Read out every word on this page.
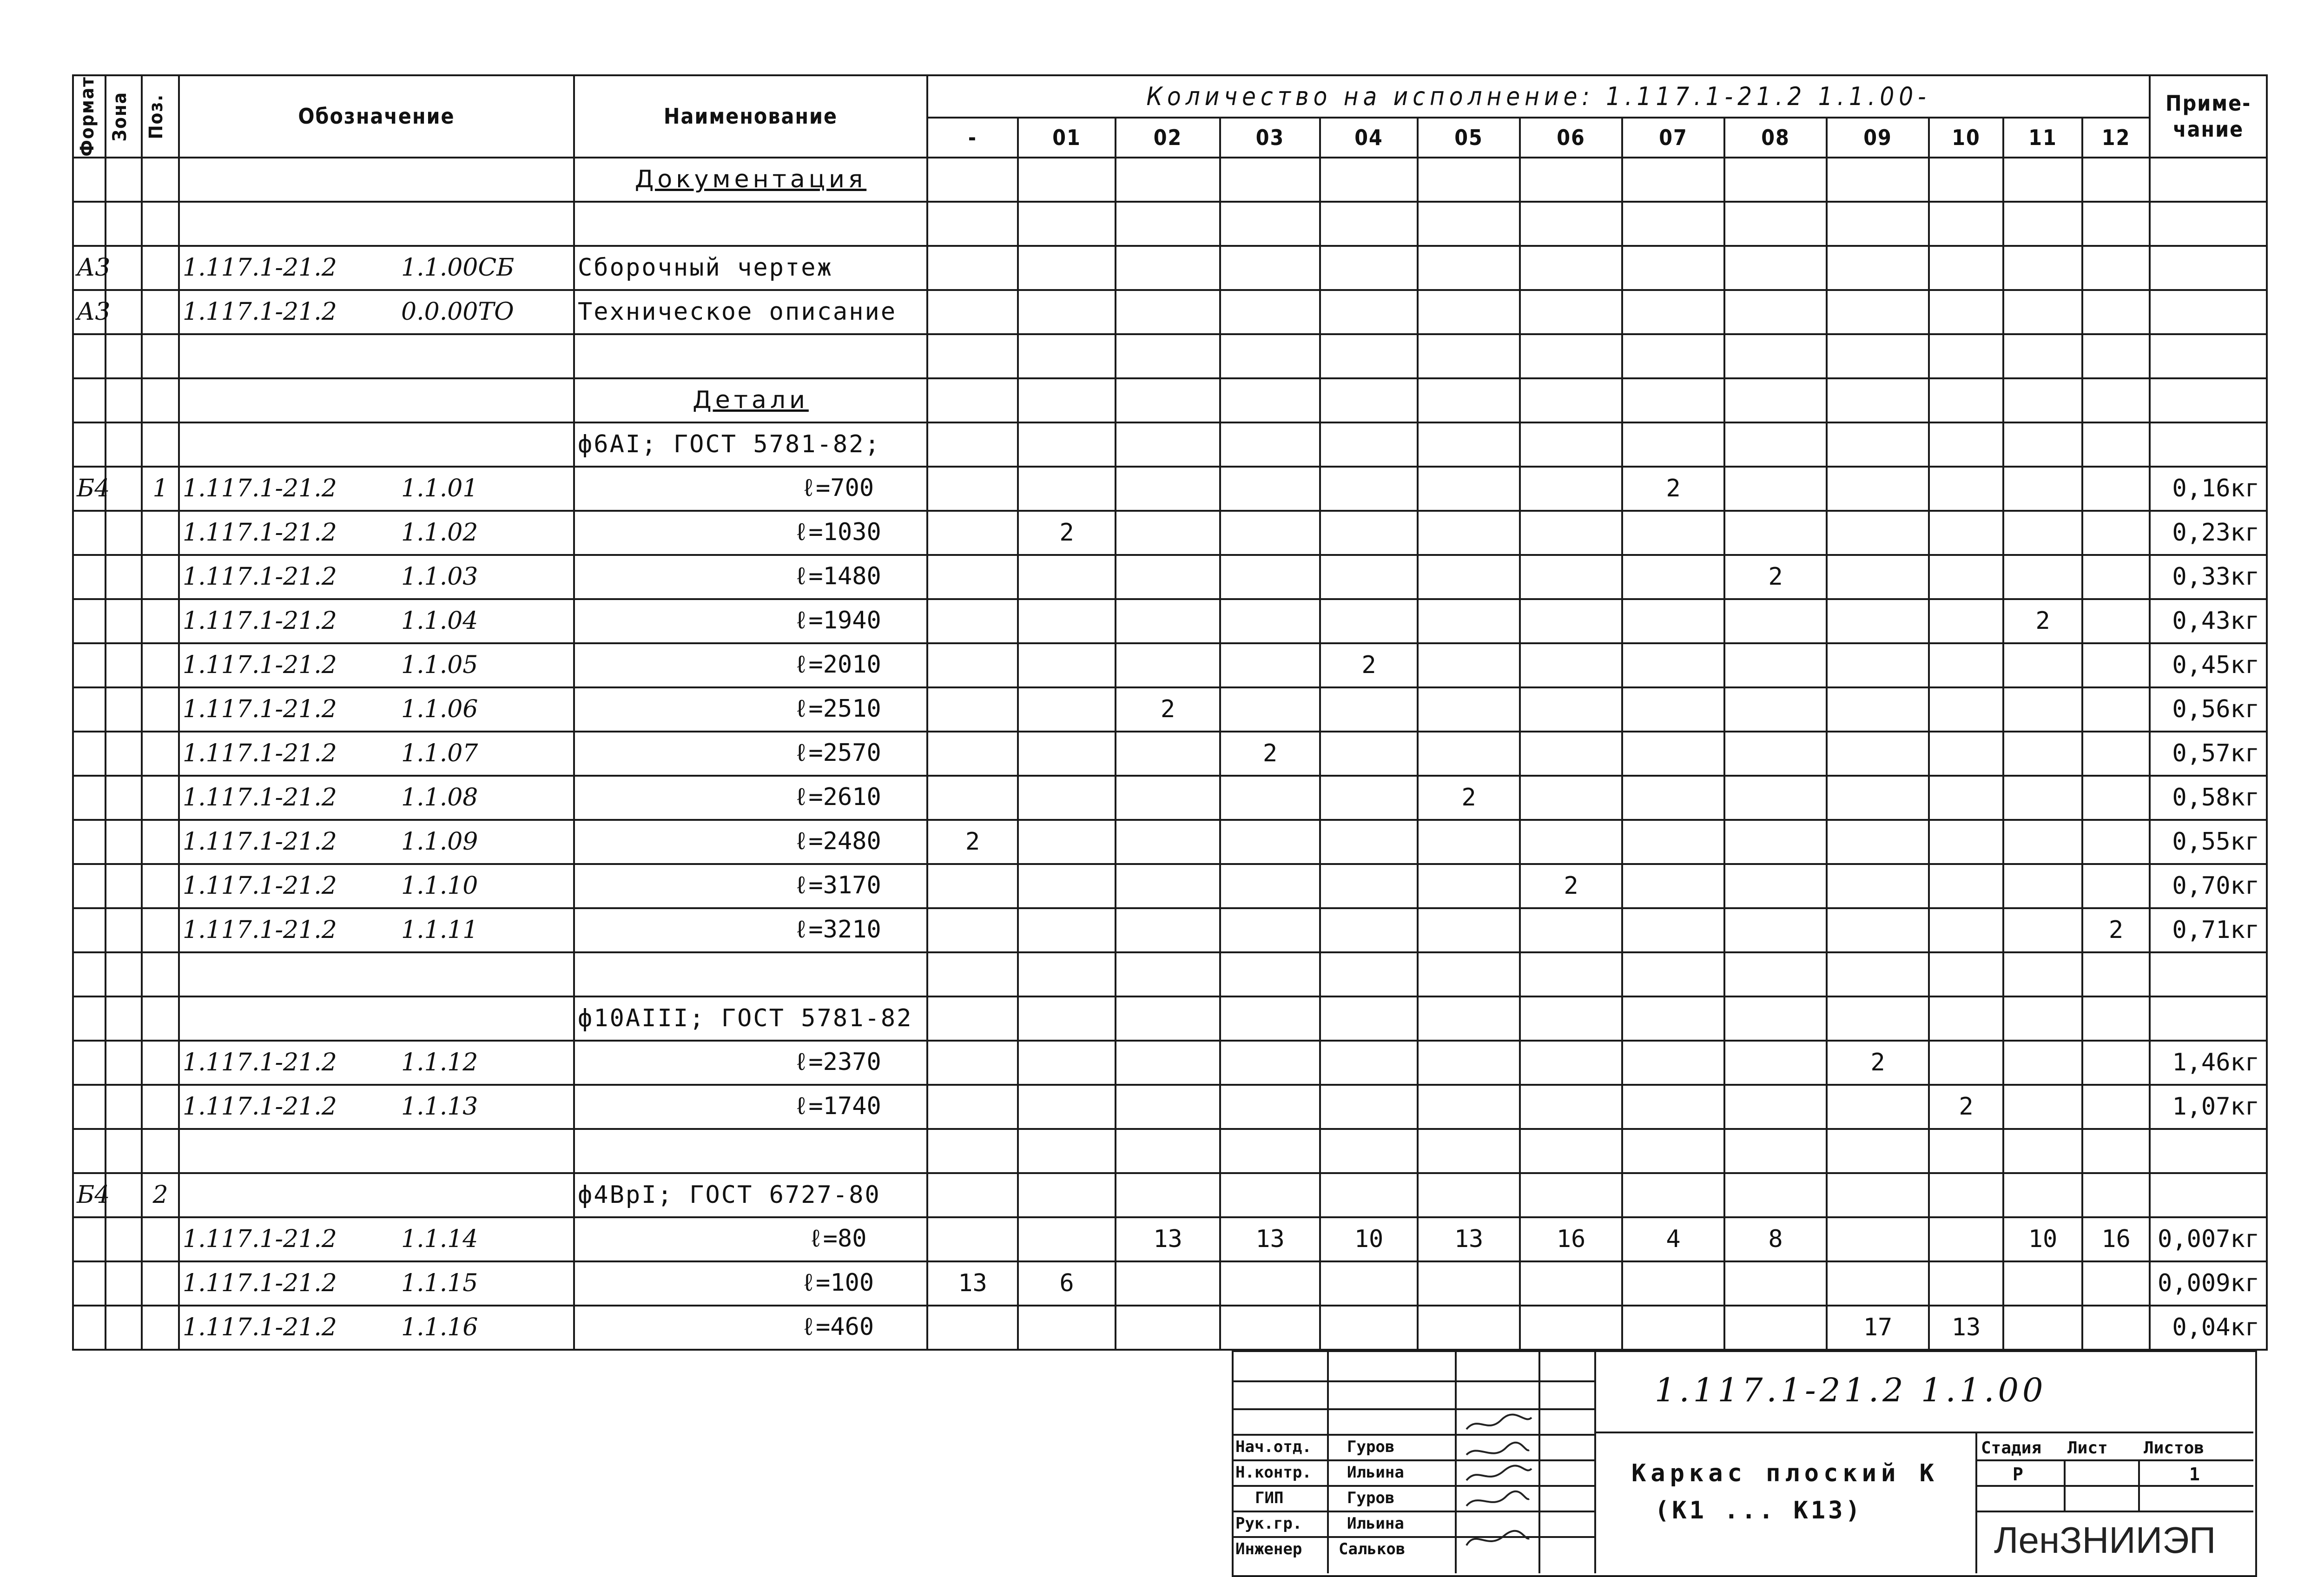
Формат	Зона	Поз.	Обозначение	Наименование	Количество на исполнение: 1.117.1-21.2 1.1.00-													Приме- чание
					-	01	02	03	04	05	06	07	08	09	10	11	12	
				Документация														

А3			1.117.1-21.2 1.1.00СБ	Сборочный чертеж														
А3			1.117.1-21.2 0.0.00ТО	Техническое описание														

				Детали														
				ф6АI; ГОСТ 5781-82;														
Б4		1	1.117.1-21.2 1.1.01	ℓ=700								2						0,16кг
			1.117.1-21.2 1.1.02	ℓ=1030		2												0,23кг
			1.117.1-21.2 1.1.03	ℓ=1480									2					0,33кг
			1.117.1-21.2 1.1.04	ℓ=1940												2		0,43кг
			1.117.1-21.2 1.1.05	ℓ=2010					2									0,45кг
			1.117.1-21.2 1.1.06	ℓ=2510			2											0,56кг
			1.117.1-21.2 1.1.07	ℓ=2570				2										0,57кг
			1.117.1-21.2 1.1.08	ℓ=2610						2								0,58кг
			1.117.1-21.2 1.1.09	ℓ=2480	2													0,55кг
			1.117.1-21.2 1.1.10	ℓ=3170							2							0,70кг
			1.117.1-21.2 1.1.11	ℓ=3210													2	0,71кг

				ф10АIII; ГОСТ 5781-82														
			1.117.1-21.2 1.1.12	ℓ=2370										2				1,46кг
			1.117.1-21.2 1.1.13	ℓ=1740											2			1,07кг

Б4		2		ф4ВрI; ГОСТ 6727-80														
			1.117.1-21.2 1.1.14	ℓ=80			13	13	10	13	16	4	8			10	16	0,007кг
			1.117.1-21.2 1.1.15	ℓ=100	13	6												0,009кг
			1.117.1-21.2 1.1.16	ℓ=460										17	13			0,04кг
Нач.отд. Гуров
Н.контр. Ильина
ГИП	Гуров
Рук.гр.	Ильина
Инженер Сальков
1.117.1-21.2 1.1.00
Каркас плоский К
(К1 ... К13)
Стадия Лист Листов
Р	1
ЛенЗНИИЭП
